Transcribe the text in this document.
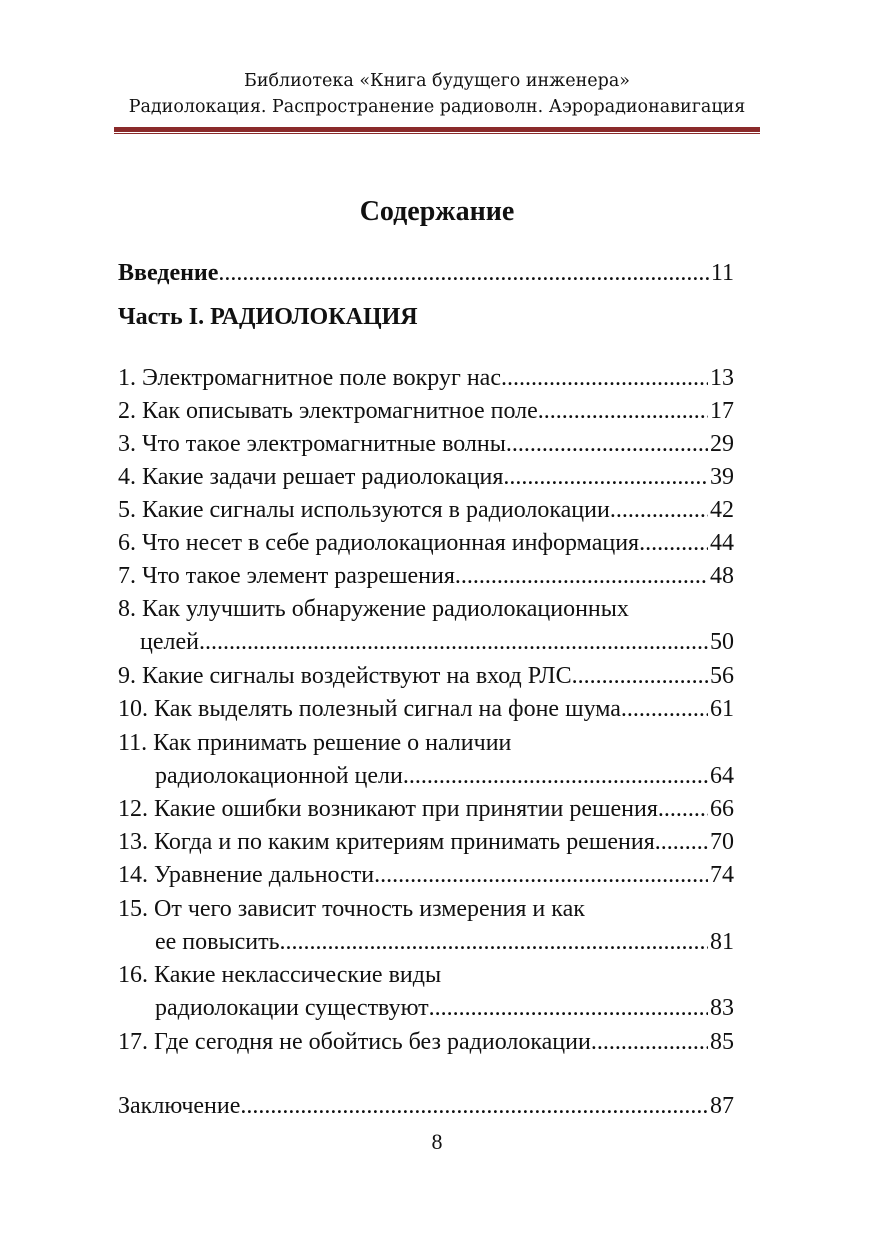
Библиотека «Книга будущего инженера»
Радиолокация. Распространение радиоволн. Аэрорадионавигация
Содержание
Введение .....	11
Часть I. РАДИОЛОКАЦИЯ
1. Электромагнитное поле вокруг нас .....	13
2. Как описывать электромагнитное поле .....	17
3. Что такое электромагнитные волны .....	29
4. Какие задачи решает радиолокация .....	39
5. Какие сигналы используются в радиолокации .....	42
6. Что несет в себе радиолокационная информация .....	44
7. Что такое элемент разрешения .....	48
8. Как улучшить обнаружение радиолокационных
целей .....	50
9. Какие сигналы воздействуют на вход РЛС .....	56
10. Как выделять полезный сигнал на фоне шума .....	61
11. Как принимать решение о наличии
радиолокационной цели .....	64
12. Какие ошибки возникают при принятии решения ..... 66
13. Когда и по каким критериям принимать решения ..... 70
14. Уравнение дальности .....	74
15. От чего зависит точность измерения и как
ее повысить .....	81
16. Какие неклассические виды
радиолокации существуют .....	83
17. Где сегодня не обойтись без радиолокации .....	85
Заключение .....	87
8
